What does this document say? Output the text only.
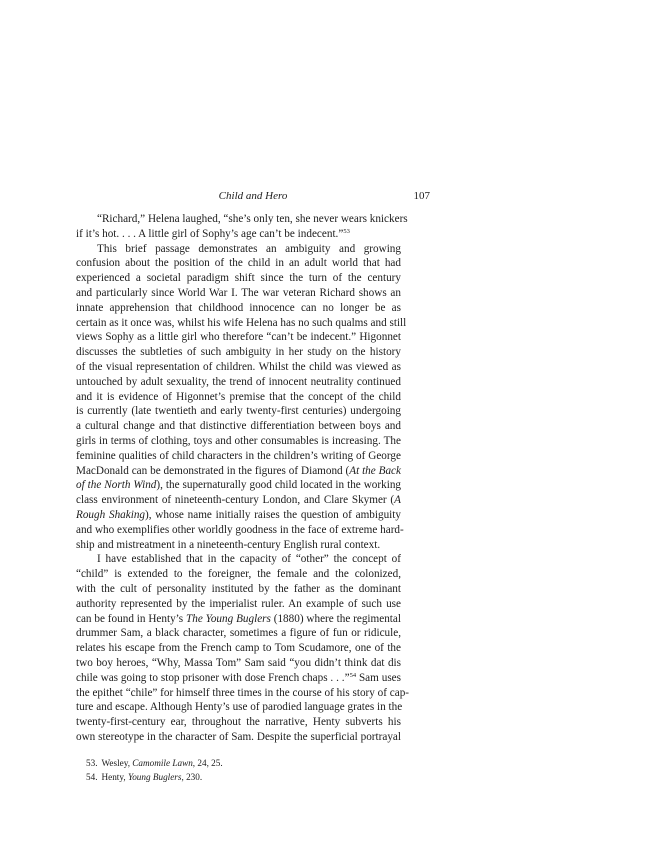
Child and Hero	107
“Richard,” Helena laughed, “she’s only ten, she never wears knickers
if it’s hot. . . . A little girl of Sophy’s age can’t be indecent.”$^{53}$
This brief passage demonstrates an ambiguity and growing
confusion about the position of the child in an adult world that had
experienced a societal paradigm shift since the turn of the century
and particularly since World War I. The war veteran Richard shows an
innate apprehension that childhood innocence can no longer be as
certain as it once was, whilst his wife Helena has no such qualms and still
views Sophy as a little girl who therefore “can’t be indecent.” Higonnet
discusses the subtleties of such ambiguity in her study on the history
of the visual representation of children. Whilst the child was viewed as
untouched by adult sexuality, the trend of innocent neutrality continued
and it is evidence of Higonnet’s premise that the concept of the child
is currently (late twentieth and early twenty-first centuries) undergoing
a cultural change and that distinctive differentiation between boys and
girls in terms of clothing, toys and other consumables is increasing. The
feminine qualities of child characters in the children’s writing of George
MacDonald can be demonstrated in the figures of Diamond (At the Back
of the North Wind), the supernaturally good child located in the working
class environment of nineteenth-century London, and Clare Skymer (A
Rough Shaking), whose name initially raises the question of ambiguity
and who exemplifies other worldly goodness in the face of extreme hard-
ship and mistreatment in a nineteenth-century English rural context.
I have established that in the capacity of “other” the concept of
“child” is extended to the foreigner, the female and the colonized,
with the cult of personality instituted by the father as the dominant
authority represented by the imperialist ruler. An example of such use
can be found in Henty’s The Young Buglers (1880) where the regimental
drummer Sam, a black character, sometimes a figure of fun or ridicule,
relates his escape from the French camp to Tom Scudamore, one of the
two boy heroes, “Why, Massa Tom” Sam said “you didn’t think dat dis
chile was going to stop prisoner with dose French chaps . . .”$^{54}$ Sam uses
the epithet “chile” for himself three times in the course of his story of cap-
ture and escape. Although Henty’s use of parodied language grates in the
twenty-first-century ear, throughout the narrative, Henty subverts his
own stereotype in the character of Sam. Despite the superficial portrayal
53. Wesley, Camomile Lawn, 24, 25.
54. Henty, Young Buglers, 230.
